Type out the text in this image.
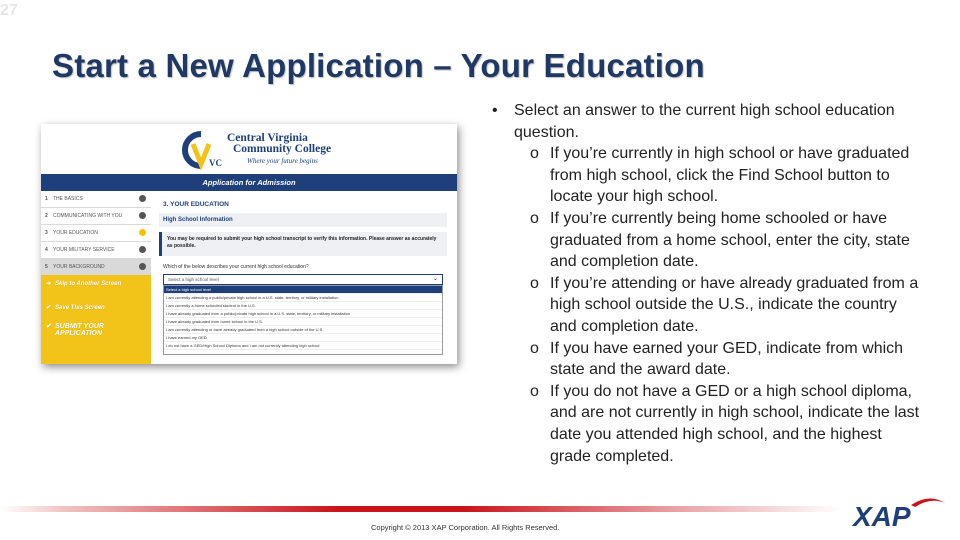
27
Start a New Application – Your Education
VC
Central Virginia
Community College
Where your future begins
Application for Admission
1 THE BASICS
2 COMMUNICATING WITH YOU
3 YOUR EDUCATION
4 YOUR MILITARY SERVICE
5 YOUR BACKGROUND
➔ Skip to Another Screen
✔ Save This Screen
✔ SUBMIT YOUR APPLICATION
3. YOUR EDUCATION
High School Information
You may be required to submit your high school transcript to verify this information. Please answer as accurately as possible.
Which of the below describes your current high school education?
Select a high school level	⌄
Select a high school level
I am currently attending a public/private high school in a U.S. state, territory, or military installation
I am currently a home schooled student in the U.S.
I have already graduated from a public/private high school in a U.S. state, territory, or military installation
I have already graduated from home school in the U.S.
I am currently attending or have already graduated from a high school outside of the U.S.
I have earned my GED
I do not have a GED/High School Diploma and I am not currently attending high school

• Select an answer to the current high school education question.

o If you’re currently in high school or have graduated from high school, click the Find School button to locate your high school.

o If you’re currently being home schooled or have graduated from a home school, enter the city, state and completion date.

o If you’re attending or have already graduated from a high school outside the U.S., indicate the country and completion date.

o If you have earned your GED, indicate from which state and the award date.

o If you do not have a GED or a high school diploma, and are not currently in high school, indicate the last date you attended high school, and the highest grade completed.

Copyright © 2013 XAP Corporation. All Rights Reserved.	XAP
